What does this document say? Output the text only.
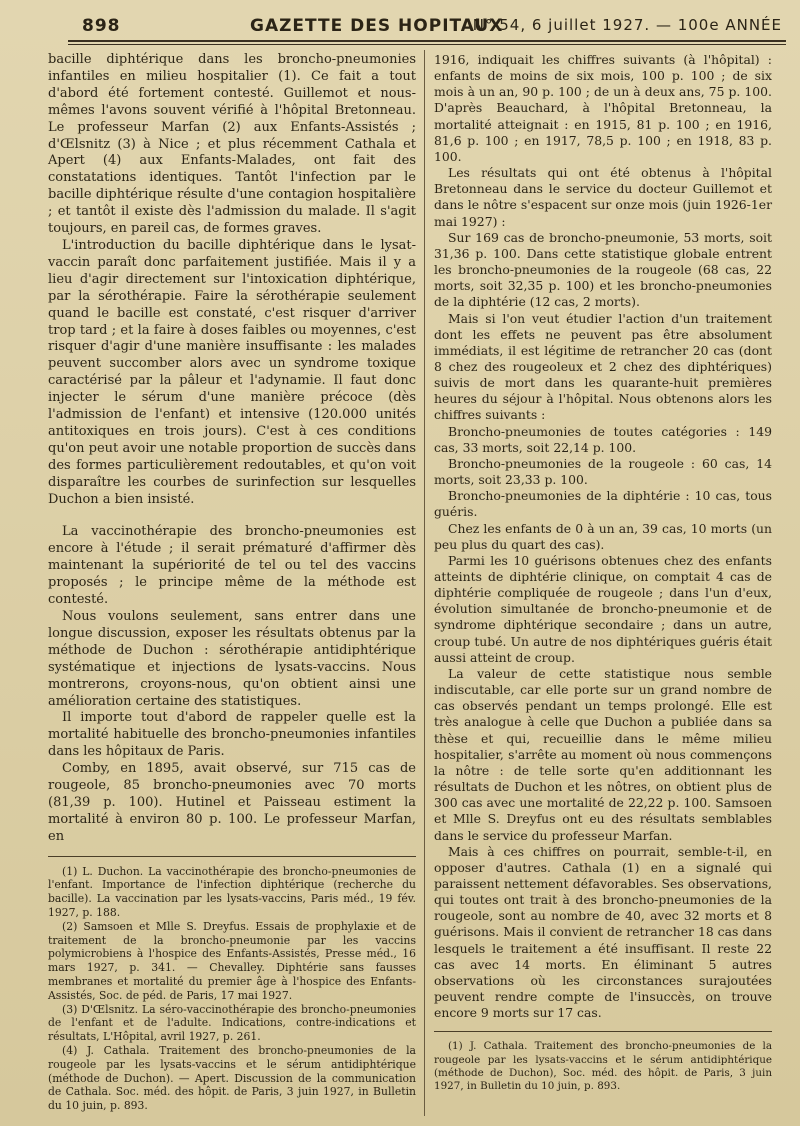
898	GAZETTE DES HOPITAUX
N° 54, 6 juillet 1927. — 100e ANNÉE

bacille diphtérique dans les broncho-pneumonies infantiles en milieu hospitalier (1). Ce fait a tout d'abord été fortement contesté. Guillemot et nous-mêmes l'avons souvent vérifié à l'hôpital Bretonneau. Le professeur Marfan (2) aux Enfants-Assistés ; d'Œlsnitz (3) à Nice ; et plus récemment Cathala et Apert (4) aux Enfants-Malades, ont fait des constatations identiques. Tantôt l'infection par le bacille diphtérique résulte d'une contagion hospitalière ; et tantôt il existe dès l'admission du malade. Il s'agit toujours, en pareil cas, de formes graves.

L'introduction du bacille diphtérique dans le lysat-vaccin paraît donc parfaitement justifiée. Mais il y a lieu d'agir directement sur l'intoxication diphtérique, par la sérothérapie. Faire la sérothérapie seulement quand le bacille est constaté, c'est risquer d'arriver trop tard ; et la faire à doses faibles ou moyennes, c'est risquer d'agir d'une manière insuffisante : les malades peuvent succomber alors avec un syndrome toxique caractérisé par la pâleur et l'adynamie. Il faut donc injecter le sérum d'une manière précoce (dès l'admission de l'enfant) et intensive (120.000 unités antitoxiques en trois jours). C'est à ces conditions qu'on peut avoir une notable proportion de succès dans des formes particulièrement redoutables, et qu'on voit disparaître les courbes de surinfection sur lesquelles Duchon a bien insisté.

La vaccinothérapie des broncho-pneumonies est encore à l'étude ; il serait prématuré d'affirmer dès maintenant la supériorité de tel ou tel des vaccins proposés ; le principe même de la méthode est contesté.

Nous voulons seulement, sans entrer dans une longue discussion, exposer les résultats obtenus par la méthode de Duchon : sérothérapie antidiphtérique systématique et injections de lysats-vaccins. Nous montrerons, croyons-nous, qu'on obtient ainsi une amélioration certaine des statistiques.

Il importe tout d'abord de rappeler quelle est la mortalité habituelle des broncho-pneumonies infantiles dans les hôpitaux de Paris.

Comby, en 1895, avait observé, sur 715 cas de rougeole, 85 broncho-pneumonies avec 70 morts (81,39 p. 100). Hutinel et Paisseau estiment la mortalité à environ 80 p. 100. Le professeur Marfan, en

(1) L. Duchon. La vaccinothérapie des broncho-pneumonies de l'enfant. Importance de l'infection diphtérique (recherche du bacille). La vaccination par les lysats-vaccins, Paris méd., 19 fév. 1927, p. 188.

(2) Samsoen et Mlle S. Dreyfus. Essais de prophylaxie et de traitement de la broncho-pneumonie par les vaccins polymicrobiens à l'hospice des Enfants-Assistés, Presse méd., 16 mars 1927, p. 341. — Chevalley. Diphtérie sans fausses membranes et mortalité du premier âge à l'hospice des Enfants-Assistés, Soc. de péd. de Paris, 17 mai 1927.

(3) D'Œlsnitz. La séro-vaccinothérapie des broncho-pneumonies de l'enfant et de l'adulte. Indications, contre-indications et résultats, L'Hôpital, avril 1927, p. 261.

(4) J. Cathala. Traitement des broncho-pneumonies de la rougeole par les lysats-vaccins et le sérum antidiphtérique (méthode de Duchon). — Apert. Discussion de la communication de Cathala. Soc. méd. des hôpit. de Paris, 3 juin 1927, in Bulletin du 10 juin, p. 893.

1916, indiquait les chiffres suivants (à l'hôpital) : enfants de moins de six mois, 100 p. 100 ; de six mois à un an, 90 p. 100 ; de un à deux ans, 75 p. 100. D'après Beauchard, à l'hôpital Bretonneau, la mortalité atteignait : en 1915, 81 p. 100 ; en 1916, 81,6 p. 100 ; en 1917, 78,5 p. 100 ; en 1918, 83 p. 100.

Les résultats qui ont été obtenus à l'hôpital Bretonneau dans le service du docteur Guillemot et dans le nôtre s'espacent sur onze mois (juin 1926-1er mai 1927) :

Sur 169 cas de broncho-pneumonie, 53 morts, soit 31,36 p. 100. Dans cette statistique globale entrent les broncho-pneumonies de la rougeole (68 cas, 22 morts, soit 32,35 p. 100) et les broncho-pneumonies de la diphtérie (12 cas, 2 morts).

Mais si l'on veut étudier l'action d'un traitement dont les effets ne peuvent pas être absolument immédiats, il est légitime de retrancher 20 cas (dont 8 chez des rougeoleux et 2 chez des diphtériques) suivis de mort dans les quarante-huit premières heures du séjour à l'hôpital. Nous obtenons alors les chiffres suivants :

Broncho-pneumonies de toutes catégories : 149 cas, 33 morts, soit 22,14 p. 100.

Broncho-pneumonies de la rougeole : 60 cas, 14 morts, soit 23,33 p. 100.

Broncho-pneumonies de la diphtérie : 10 cas, tous guéris.

Chez les enfants de 0 à un an, 39 cas, 10 morts (un peu plus du quart des cas).

Parmi les 10 guérisons obtenues chez des enfants atteints de diphtérie clinique, on comptait 4 cas de diphtérie compliquée de rougeole ; dans l'un d'eux, évolution simultanée de broncho-pneumonie et de syndrome diphtérique secondaire ; dans un autre, croup tubé. Un autre de nos diphtériques guéris était aussi atteint de croup.

La valeur de cette statistique nous semble indiscutable, car elle porte sur un grand nombre de cas observés pendant un temps prolongé. Elle est très analogue à celle que Duchon a publiée dans sa thèse et qui, recueillie dans le même milieu hospitalier, s'arrête au moment où nous commençons la nôtre : de telle sorte qu'en additionnant les résultats de Duchon et les nôtres, on obtient plus de 300 cas avec une mortalité de 22,22 p. 100. Samsoen et Mlle S. Dreyfus ont eu des résultats semblables dans le service du professeur Marfan.

Mais à ces chiffres on pourrait, semble-t-il, en opposer d'autres. Cathala (1) en a signalé qui paraissent nettement défavorables. Ses observations, qui toutes ont trait à des broncho-pneumonies de la rougeole, sont au nombre de 40, avec 32 morts et 8 guérisons. Mais il convient de retrancher 18 cas dans lesquels le traitement a été insuffisant. Il reste 22 cas avec 14 morts. En éliminant 5 autres observations où les circonstances surajoutées peuvent rendre compte de l'insuccès, on trouve encore 9 morts sur 17 cas.

(1) J. Cathala. Traitement des broncho-pneumonies de la rougeole par les lysats-vaccins et le sérum antidiphtérique (méthode de Duchon), Soc. méd. des hôpit. de Paris, 3 juin 1927, in Bulletin du 10 juin, p. 893.
